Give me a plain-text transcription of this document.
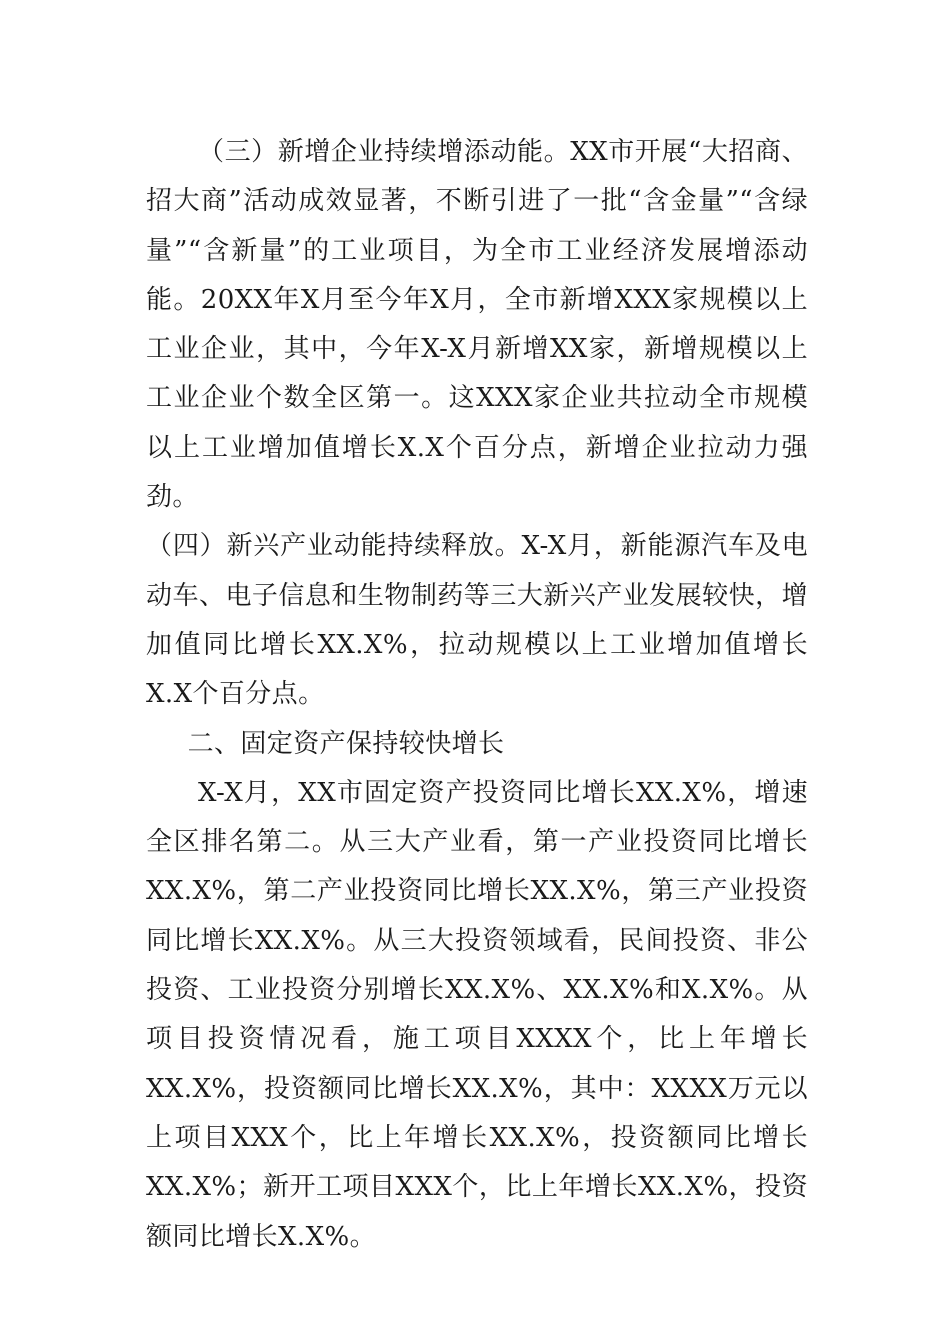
（三）新增企业持续增添动能。XX市开展“大招商、招大商”活动成效显著，不断引进了一批“含金量”“含绿量”“含新量”的工业项目，为全市工业经济发展增添动能。20XX年X月至今年X月，全市新增XXX家规模以上工业企业，其中，今年X-X月新增XX家，新增规模以上工业企业个数全区第一。这XXX家企业共拉动全市规模以上工业增加值增长X.X个百分点，新增企业拉动力强劲。

（四）新兴产业动能持续释放。X-X月，新能源汽车及电动车、电子信息和生物制药等三大新兴产业发展较快，增加值同比增长XX.X%，拉动规模以上工业增加值增长X.X个百分点。

二、固定资产保持较快增长

X-X月，XX市固定资产投资同比增长XX.X%，增速全区排名第二。从三大产业看，第一产业投资同比增长XX.X%，第二产业投资同比增长XX.X%，第三产业投资同比增长XX.X%。从三大投资领域看，民间投资、非公投资、工业投资分别增长XX.X%、XX.X%和X.X%。从项目投资情况看，施工项目XXXX个，比上年增长XX.X%，投资额同比增长XX.X%，其中：XXXX万元以上项目XXX个，比上年增长XX.X%，投资额同比增长XX.X%；新开工项目XXX个，比上年增长XX.X%，投资额同比增长X.X%。
